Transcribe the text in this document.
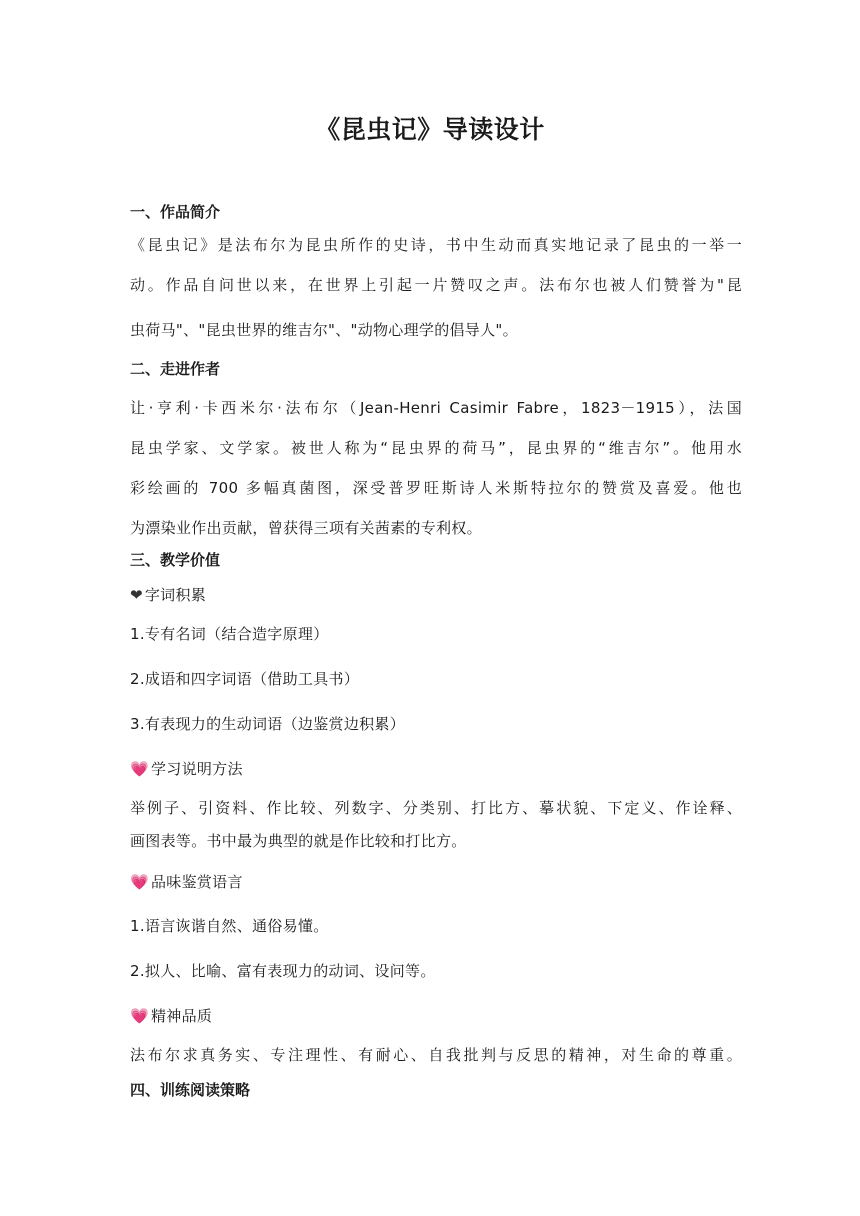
《昆虫记》导读设计
一、作品简介
《昆虫记》是法布尔为昆虫所作的史诗，书中生动而真实地记录了昆虫的一举一
动。作品自问世以来，在世界上引起一片赞叹之声。法布尔也被人们赞誉为"昆
虫荷马"、"昆虫世界的维吉尔"、"动物心理学的倡导人"。
二、走进作者
让·亨利·卡西米尔·法布尔（Jean-Henri Casimir Fabre，1823－1915），法国
昆虫学家、文学家。被世人称为“昆虫界的荷马”，昆虫界的“维吉尔”。他用水
彩绘画的 700 多幅真菌图，深受普罗旺斯诗人米斯特拉尔的赞赏及喜爱。他也
为漂染业作出贡献，曾获得三项有关茜素的专利权。
三、教学价值
❤ 字词积累
1.专有名词（结合造字原理）
2.成语和四字词语（借助工具书）
3.有表现力的生动词语（边鉴赏边积累）
💗 学习说明方法
举例子、引资料、作比较、列数字、分类别、打比方、摹状貌、下定义、作诠释、
画图表等。书中最为典型的就是作比较和打比方。
💗 品味鉴赏语言
1.语言诙谐自然、通俗易懂。
2.拟人、比喻、富有表现力的动词、设问等。
💗 精神品质
法布尔求真务实、专注理性、有耐心、自我批判与反思的精神，对生命的尊重。
四、训练阅读策略
